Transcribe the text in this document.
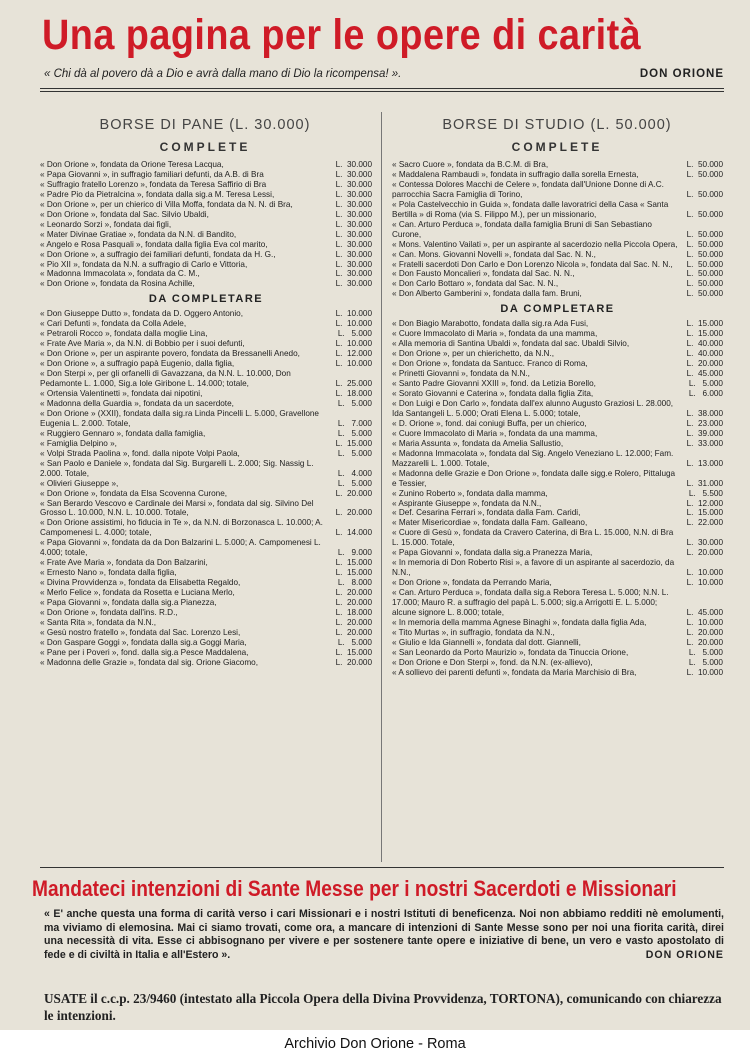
Una pagina per le opere di carità
« Chi dà al povero dà a Dio e avrà dalla mano di Dio la ricompensa! ».	DON ORIONE
BORSE DI PANE (L. 30.000)
COMPLETE
BORSE DI STUDIO (L. 50.000)
COMPLETE
« Don Orione », fondata da Orione Teresa Lacqua,	L.  30.000
« Papa Giovanni », in suffragio familiari defunti, da A.B. di Bra	L.  30.000
« Suffragio fratello Lorenzo », fondata da Teresa Saffirio di Bra	L.  30.000
« Padre Pio da Pietralcina », fondata dalla sig.a M. Teresa Lessi,	L.  30.000
« Don Orione », per un chierico di Villa Moffa, fondata da N. N. di Bra,	L.  30.000
« Don Orione », fondata dal Sac. Silvio Ubaldi,	L.  30.000
« Leonardo Sorzi », fondata dai figli,	L.  30.000
« Mater Divinae Gratiae », fondata da N.N. di Bandito,	L.  30.000
« Angelo e Rosa Pasquali », fondata dalla figlia Eva col marito,	L.  30.000
« Don Orione », a suffragio dei familiari defunti, fondata da H. G.,	L.  30.000
« Pio XII », fondata da N.N. a suffragio di Carlo e Vittoria,	L.  30.000
« Madonna Immacolata », fondata da C. M.,	L.  30.000
« Don Orione », fondata da Rosina Achille,	L.  30.000
DA COMPLETARE
« Don Giuseppe Dutto », fondata da D. Oggero Antonio,	L.  10.000
« Cari Defunti », fondata da Colla Adele,	L.  10.000
« Petraroli Rocco », fondata dalla moglie Lina,	L.   5.000
« Frate Ave Maria », da N.N. di Bobbio per i suoi defunti,	L.  10.000
« Don Orione », per un aspirante povero, fondata da Bressanelli Anedo,	L.  12.000
« Don Orione », a suffragio papà Eugenio, dalla figlia,	L.  10.000
« Don Sterpi », per gli orfanelli di Gavazzana, da N.N. L. 10.000, Don Pedamonte L. 1.000, Sig.a Iole Giribone L. 14.000; totale,	L.  25.000
« Ortensia Valentinetti », fondata dai nipotini,	L.  18.000
« Madonna della Guardia », fondata da un sacerdote,	L.   5.000
« Don Orione » (XXII), fondata dalla sig.ra Linda Pincelli L. 5.000, Gravellone Eugenia L. 2.000. Totale,	L.   7.000
« Ruggiero Gennaro », fondata dalla famiglia,	L.   5.000
« Famiglia Delpino »,	L.  15.000
« Volpi Strada Paolina », fond. dalla nipote Volpi Paola,	L.   5.000
« San Paolo e Daniele », fondata dal Sig. Burgarelli L. 2.000; Sig. Nassig L. 2.000. Totale,	L.   4.000
« Olivieri Giuseppe »,	L.   5.000
« Don Orione », fondata da Elsa Scovenna Curone,	L.  20.000
« San Berardo Vescovo e Cardinale dei Marsi », fondata dal sig. Silvino Del Grosso L. 10.000, N.N. L. 10.000. Totale,	L.  20.000
« Don Orione assistimi, ho fiducia in Te », da N.N. di Borzonasca L. 10.000; A. Campomenesi L. 4.000; totale,	L.  14.000
« Papa Giovanni », fondata da da Don Balzarini L. 5.000; A. Campomenesi L. 4.000; totale,	L.   9.000
« Frate Ave Maria », fondata da Don Balzarini,	L.  15.000
« Ernesto Nano », fondata dalla figlia,	L.  15.000
« Divina Provvidenza », fondata da Elisabetta Regaldo,	L.   8.000
« Merlo Felice », fondata da Rosetta e Luciana Merlo,	L.  20.000
« Papa Giovanni », fondata dalla sig.a Pianezza,	L.  20.000
« Don Orione », fondata dall'ins. R.D.,	L.  18.000
« Santa Rita », fondata da N.N.,	L.  20.000
« Gesù nostro fratello », fondata dal Sac. Lorenzo Lesi,	L.  20.000
« Don Gaspare Goggi », fondata dalla sig.a Goggi Maria,	L.   5.000
« Pane per i Poveri », fond. dalla sig.a Pesce Maddalena,	L.  15.000
« Madonna delle Grazie », fondata dal sig. Orione Giacomo,	L.  20.000
« Sacro Cuore », fondata da B.C.M. di Bra,	L.  50.000
« Maddalena Rambaudi », fondata in suffragio dalla sorella Ernesta,	L.  50.000
« Contessa Dolores Macchi de Celere », fondata dall'Unione Donne di A.C. parrocchia Sacra Famiglia di Torino,	L.  50.000
« Pola Castelvecchio in Guida », fondata dalle lavoratrici della Casa « Santa Bertilla » di Roma (via S. Filippo M.), per un missionario,	L.  50.000
« Can. Arturo Perduca », fondata dalla famiglia Bruni di San Sebastiano Curone,	L.  50.000
« Mons. Valentino Vailati », per un aspirante al sacerdozio nella Piccola Opera,	L.  50.000
« Can. Mons. Giovanni Novelli », fondata dal Sac. N. N.,	L.  50.000
« Fratelli sacerdoti Don Carlo e Don Lorenzo Nicola », fondata dal Sac. N. N.,	L.  50.000
« Don Fausto Moncalieri », fondata dal Sac. N. N.,	L.  50.000
« Don Carlo Bottaro », fondata dal Sac. N. N.,	L.  50.000
« Don Alberto Gamberini », fondata dalla fam. Bruni,	L.  50.000
DA COMPLETARE
« Don Biagio Marabotto, fondata dalla sig.ra Ada Fusi,	L.  15.000
« Cuore Immacolato di Maria », fondata da una mamma,	L.  15.000
« Alla memoria di Santina Ubaldi », fondata dal sac. Ubaldi Silvio,	L.  40.000
« Don Orione », per un chierichetto, da N.N.,	L.  40.000
« Don Orione », fondata da Santucc. Franco di Roma,	L.  20.000
« Prinetti Giovanni », fondata da N.N.,	L.  45.000
« Santo Padre Giovanni XXIII », fond. da Letizia Borello,	L.   5.000
« Sorato Giovanni e Caterina », fondata dalla figlia Zita,	L.   6.000
« Don Luigi e Don Carlo », fondata dall'ex alunno Augusto Graziosi L. 28.000, Ida Santangeli L. 5.000; Orati Elena L. 5.000; totale,	L.  38.000
« D. Orione », fond. dai coniugi Buffa, per un chierico,	L.  23.000
« Cuore Immacolato di Maria », fondata da una mamma,	L.  39.000
« Maria Assunta », fondata da Amelia Sallustio,	L.  33.000
« Madonna Immacolata », fondata dal Sig. Angelo Veneziano L. 12.000; Fam. Mazzarelli L. 1.000. Totale,	L.  13.000
« Madonna delle Grazie e Don Orione », fondata dalle sigg.e Rolero, Pittaluga e Tessier,	L.  31.000
« Zunino Roberto », fondata dalla mamma,	L.   5.500
« Aspirante Giuseppe », fondata da N.N.,	L.  12.000
« Def. Cesarina Ferrari », fondata dalla Fam. Caridi,	L.  15.000
« Mater Misericordiae », fondata dalla Fam. Galleano,	L.  22.000
« Cuore di Gesù », fondata da Cravero Caterina, di Bra L. 15.000, N.N. di Bra L. 15.000. Totale,	L.  30.000
« Papa Giovanni », fondata dalla sig.a Pranezza Maria,	L.  20.000
« In memoria di Don Roberto Risi », a favore di un aspirante al sacerdozio, da N.N.,	L.  10.000
« Don Orione », fondata da Perrando Maria,	L.  10.000
« Can. Arturo Perduca », fondata dalla sig.a Rebora Teresa L. 5.000; N.N. L. 17.000; Mauro R. a suffragio del papà L. 5.000; sig.a Arrigotti E. L. 5.000; alcune signore L. 8.000; totale,	L.  45.000
« In memoria della mamma Agnese Binaghi », fondata dalla figlia Ada,	L.  10.000
« Tito Murtas », in suffragio, fondata da N.N.,	L.  20.000
« Giulio e Ida Giannelli », fondata dal dott. Giannelli,	L.  20.000
« San Leonardo da Porto Maurizio », fondata da Tinuccia Orione,	L.   5.000
« Don Orione e Don Sterpi », fond. da N.N. (ex-allievo),	L.   5.000
« A sollievo dei parenti defunti », fondata da Maria Marchisio di Bra,	L.  10.000
Mandateci intenzioni di Sante Messe per i nostri Sacerdoti e Missionari
« E' anche questa una forma di carità verso i cari Missionari e i nostri Istituti di beneficenza. Noi non abbiamo redditi nè emolumenti, ma viviamo di elemosina. Mai ci siamo trovati, come ora, a mancare di intenzioni di Sante Messe sono per noi una fiorita carità, direi una necessità di vita. Esse ci abbisognano per vivere e per sostenere tante opere e iniziative di bene, un vero e vasto apostolato di fede e di civiltà in Italia e all'Estero ».	DON ORIONE
USATE il c.c.p. 23/9460 (intestato alla Piccola Opera della Divina Provvidenza, TORTONA), comunicando con chiarezza le intenzioni.
Archivio Don Orione - Roma
